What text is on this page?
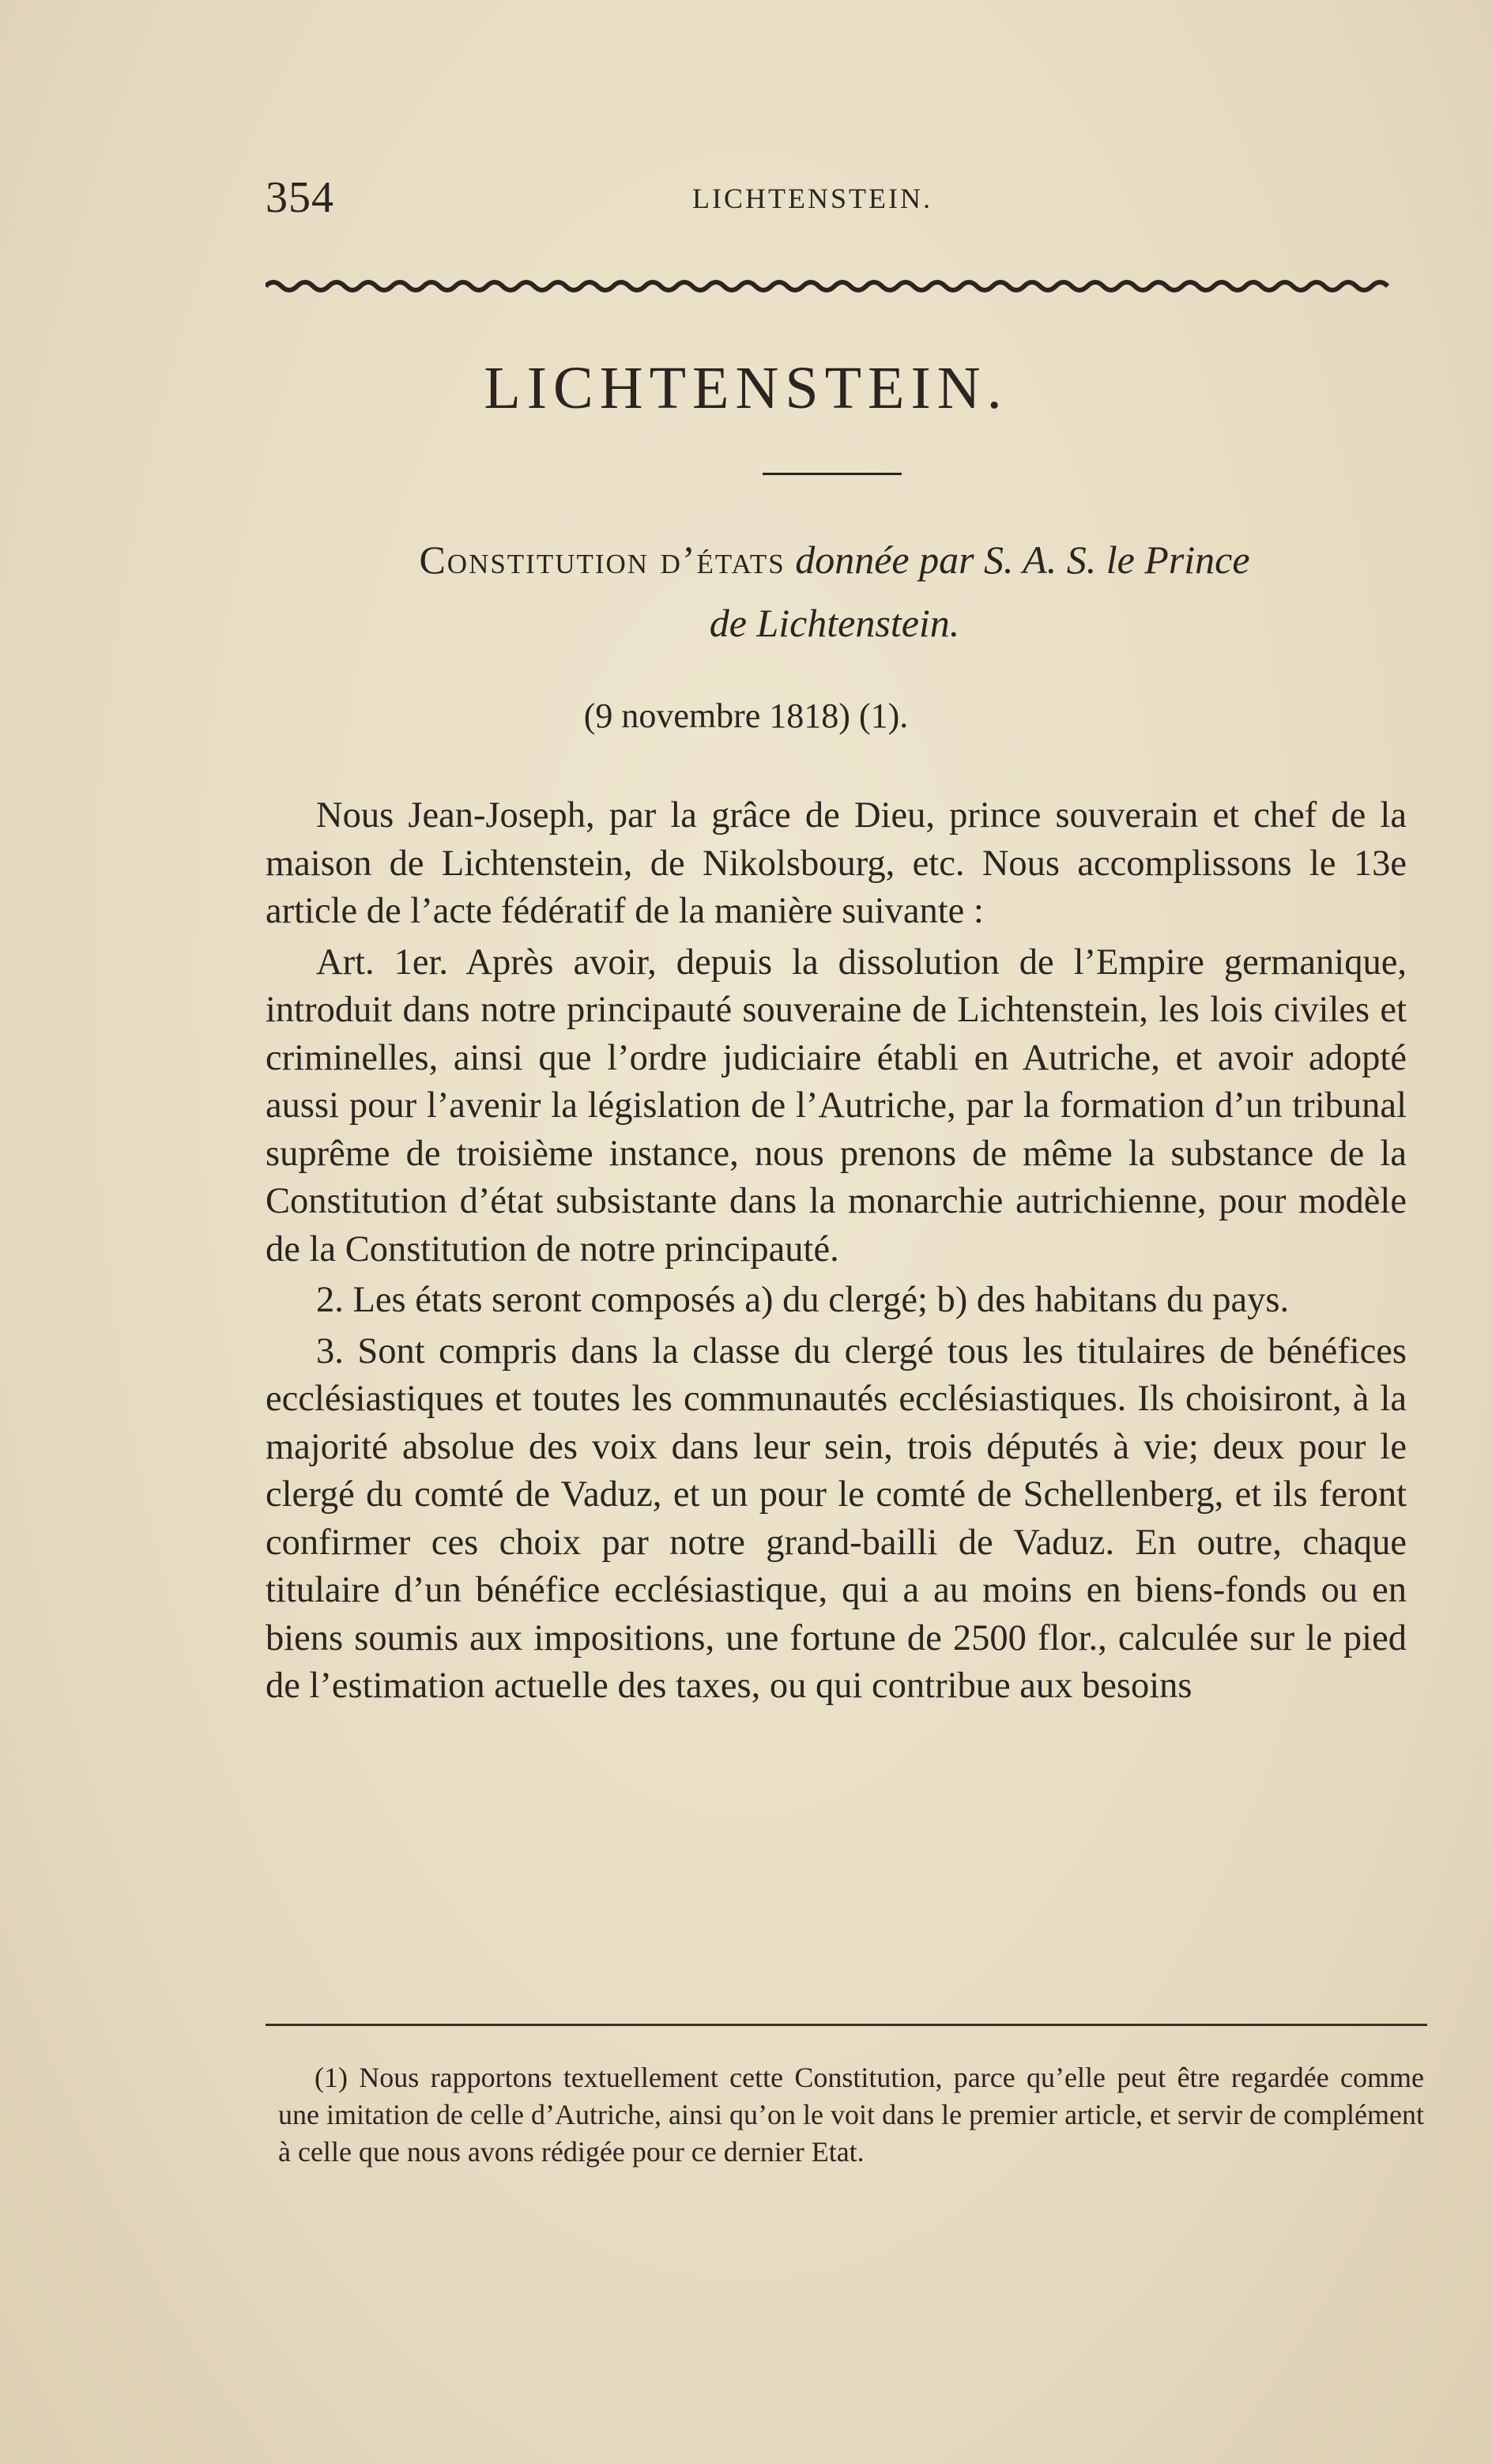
354	LICHTENSTEIN.
LICHTENSTEIN.
Constitution d’états donnée par S. A. S. le Prince
de Lichtenstein.
(9 novembre 1818) (1).

Nous Jean-Joseph, par la grâce de Dieu, prince souverain et chef de la maison de Lichtenstein, de Nikolsbourg, etc. Nous accomplissons le 13e article de l’acte fédératif de la manière suivante :

Art. 1er. Après avoir, depuis la dissolution de l’Empire germanique, introduit dans notre principauté souveraine de Lichtenstein, les lois civiles et criminelles, ainsi que l’ordre judiciaire établi en Autriche, et avoir adopté aussi pour l’avenir la législation de l’Autriche, par la formation d’un tribunal suprême de troisième instance, nous prenons de même la substance de la Constitution d’état subsistante dans la monarchie autrichienne, pour modèle de la Constitution de notre principauté.

2. Les états seront composés a) du clergé; b) des habitans du pays.

3. Sont compris dans la classe du clergé tous les titulaires de bénéfices ecclésiastiques et toutes les communautés ecclésiastiques. Ils choisiront, à la majorité absolue des voix dans leur sein, trois députés à vie; deux pour le clergé du comté de Vaduz, et un pour le comté de Schellenberg, et ils feront confirmer ces choix par notre grand-bailli de Vaduz. En outre, chaque titulaire d’un bénéfice ecclésiastique, qui a au moins en biens-fonds ou en biens soumis aux impositions, une fortune de 2500 flor., calculée sur le pied de l’estimation actuelle des taxes, ou qui contribue aux besoins

(1) Nous rapportons textuellement cette Constitution, parce qu’elle peut être regardée comme une imitation de celle d’Autriche, ainsi qu’on le voit dans le premier article, et servir de complément à celle que nous avons rédigée pour ce dernier Etat.
